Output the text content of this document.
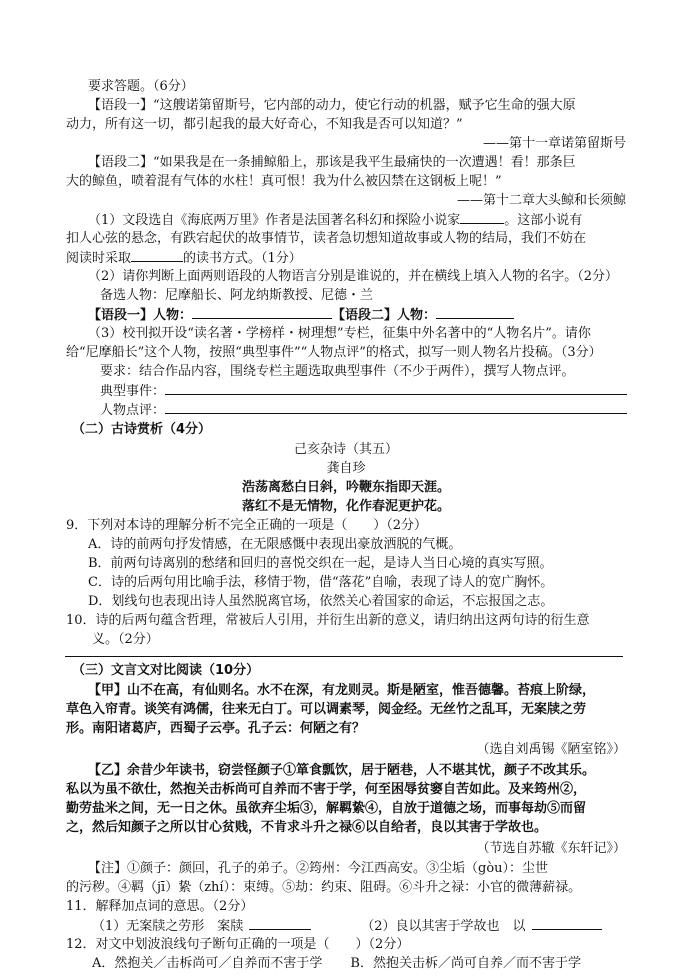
要求答题。（6分）
【语段一】“这艘诺第留斯号，它内部的动力，使它行动的机器，赋予它生命的强大原
动力，所有这一切，都引起我的最大好奇心，不知我是否可以知道？”
——第十一章诺第留斯号
【语段二】“如果我是在一条捕鲸船上，那该是我平生最痛快的一次遭遇！看！那条巨
大的鲸鱼，喷着混有气体的水柱！真可恨！我为什么被囚禁在这钢板上呢！”
——第十二章大头鲸和长须鲸
（1）文段选自《海底两万里》作者是法国著名科幻和探险小说家	。这部小说有
扣人心弦的悬念，有跌宕起伏的故事情节，读者急切想知道故事或人物的结局，我们不妨在
阅读时采取	的读书方式。（1分）
（2）请你判断上面两则语段的人物语言分别是谁说的，并在横线上填入人物的名字。（2分）
备选人物：尼摩船长、阿龙纳斯教授、尼德・兰
【语段一】人物：	【语段二】人物：
（3）校刊拟开设“读名著・学榜样・树理想”专栏，征集中外名著中的“人物名片”。请你
给“尼摩船长”这个人物，按照“典型事件”“人物点评”的格式，拟写一则人物名片投稿。（3分）
要求：结合作品内容，围绕专栏主题选取典型事件（不少于两件），撰写人物点评。
典型事件：
人物点评：
（二）古诗赏析（4分）
己亥杂诗（其五）
龚自珍
浩荡离愁白日斜，吟鞭东指即天涯。
落红不是无情物，化作春泥更护花。
9．下列对本诗的理解分析不完全正确的一项是（　　）（2分）
A．诗的前两句抒发情感，在无限感慨中表现出豪放洒脱的气概。
B．前两句诗离别的愁绪和回归的喜悦交织在一起，是诗人当日心境的真实写照。
C．诗的后两句用比喻手法，移情于物，借“落花”自喻，表现了诗人的宽广胸怀。
D．划线句也表现出诗人虽然脱离官场，依然关心着国家的命运，不忘报国之志。
10．诗的后两句蕴含哲理，常被后人引用，并衍生出新的意义，请归纳出这两句诗的衍生意
义。（2分）
（三）文言文对比阅读（10分）
【甲】山不在高，有仙则名。水不在深，有龙则灵。斯是陋室，惟吾德馨。苔痕上阶绿，
草色入帘青。谈笑有鸿儒，往来无白丁。可以调素琴，阅金经。无丝竹之乱耳，无案牍之劳
形。南阳诸葛庐，西蜀子云亭。孔子云：何陋之有？
（选自刘禹锡《陋室铭》）
【乙】余昔少年读书，窃尝怪颜子①箪食瓢饮，居于陋巷，人不堪其忧，颜子不改其乐。
私以为虽不欲仕，然抱关击柝尚可自养而不害于学，何至困辱贫窭自苦如此。及来筠州②，
勤劳盐米之间，无一日之休。虽欲弃尘垢③，解羁絷④，自放于道德之场，而事每劫⑤而留
之，然后知颜子之所以甘心贫贱，不肯求斗升之禄⑥以自给者，良以其害于学故也。
（节选自苏辙《东轩记》）
【注】①颜子：颜回，孔子的弟子。②筠州：今江西高安。③尘垢（gòu）：尘世
的污秽。④羁（jī）絷（zhí）：束缚。⑤劫：约束、阻碍。⑥斗升之禄：小官的微薄薪禄。
11．解释加点词的意思。（2分）
（1）无案牍之劳形　案牍	（2）良以其害于学故也　以
12．对文中划波浪线句子断句正确的一项是（　　）（2分）
A．然抱关／击柝尚可／自养而不害于学 B．然抱关击柝／尚可自养／而不害于学
